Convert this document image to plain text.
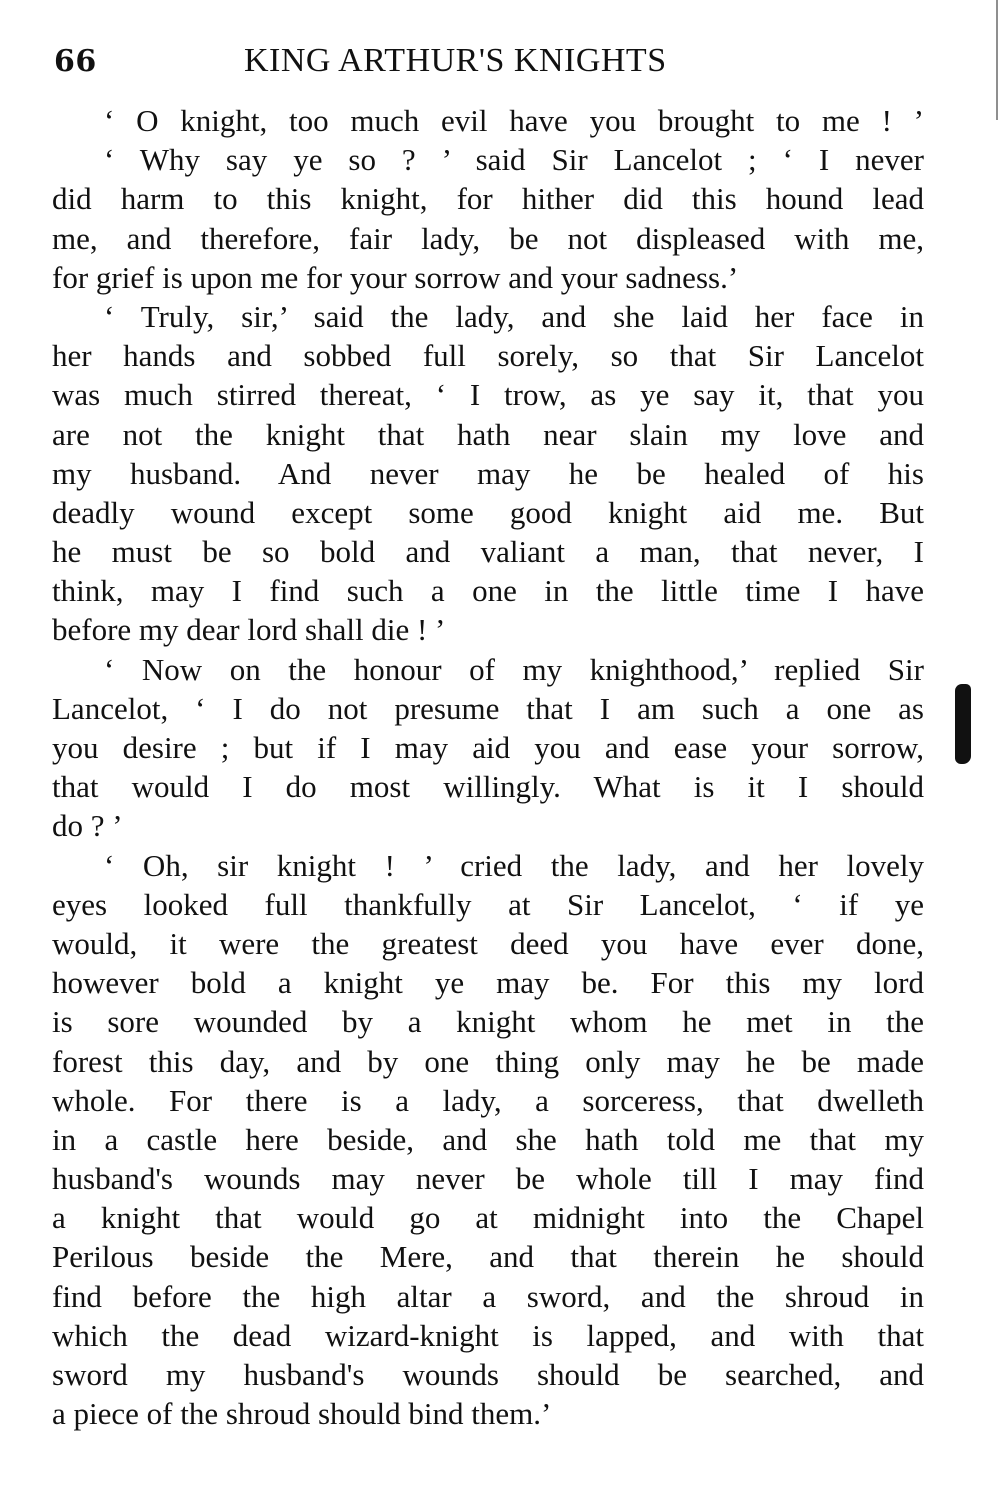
66	KING ARTHUR'S KNIGHTS
‘ O knight, too much evil have you brought to me ! ’
‘ Why say ye so ? ’ said Sir Lancelot ; ‘ I never
did harm to this knight, for hither did this hound lead
me, and therefore, fair lady, be not displeased with me,
for grief is upon me for your sorrow and your sadness.’
‘ Truly, sir,’ said the lady, and she laid her face in
her hands and sobbed full sorely, so that Sir Lancelot
was much stirred thereat, ‘ I trow, as ye say it, that you
are not the knight that hath near slain my love and
my husband. And never may he be healed of his
deadly wound except some good knight aid me. But
he must be so bold and valiant a man, that never, I
think, may I find such a one in the little time I have
before my dear lord shall die ! ’
‘ Now on the honour of my knighthood,’ replied Sir
Lancelot, ‘ I do not presume that I am such a one as
you desire ; but if I may aid you and ease your sorrow,
that would I do most willingly. What is it I should
do ? ’
‘ Oh, sir knight ! ’ cried the lady, and her lovely
eyes looked full thankfully at Sir Lancelot, ‘ if ye
would, it were the greatest deed you have ever done,
however bold a knight ye may be. For this my lord
is sore wounded by a knight whom he met in the
forest this day, and by one thing only may he be made
whole. For there is a lady, a sorceress, that dwelleth
in a castle here beside, and she hath told me that my
husband's wounds may never be whole till I may find
a knight that would go at midnight into the Chapel
Perilous beside the Mere, and that therein he should
find before the high altar a sword, and the shroud in
which the dead wizard-knight is lapped, and with that
sword my husband's wounds should be searched, and
a piece of the shroud should bind them.’
